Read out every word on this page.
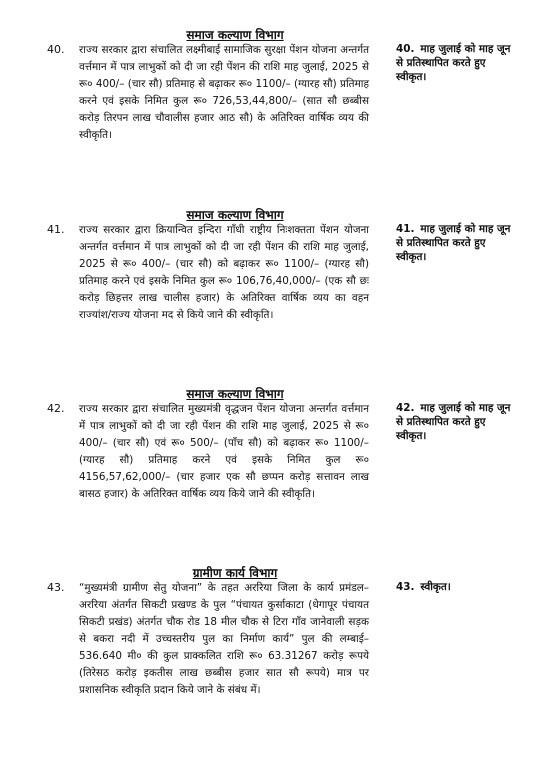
समाज कल्याण विभाग
40. राज्य सरकार द्वारा संचालित लक्ष्मीबाई सामाजिक सुरक्षा पेंशन योजना अन्तर्गत वर्त्तमान में पात्र लाभुकों को दी जा रही पेंशन की राशि माह जुलाई, 2025 से रू० 400/– (चार सौ) प्रतिमाह से बढ़ाकर रू० 1100/– (ग्यारह सौ) प्रतिमाह करने एवं इसके निमित कुल रू० 726,53,44,800/– (सात सौ छब्बीस करोड़ तिरपन लाख चौवालीस हजार आठ सौ) के अतिरिक्त वार्षिक व्यय की स्वीकृति।
40. माह जुलाई को माह जून से प्रतिस्थापित करते हुए स्वीकृत।
समाज कल्याण विभाग
41. राज्य सरकार द्वारा क्रियान्वित इन्दिरा गाँधी राष्ट्रीय निःशक्तता पेंशन योजना अन्तर्गत वर्त्तमान में पात्र लाभुकों को दी जा रही पेंशन की राशि माह जुलाई, 2025 से रू० 400/– (चार सौ) को बढ़ाकर रू० 1100/– (ग्यारह सौ) प्रतिमाह करने एवं इसके निमित कुल रू० 106,76,40,000/– (एक सौ छः करोड़ छिहत्तर लाख चालीस हजार) के अतिरिक्त वार्षिक व्यय का वहन राज्यांश/राज्य योजना मद से किये जाने की स्वीकृति।
41. माह जुलाई को माह जून से प्रतिस्थापित करते हुए स्वीकृत।
समाज कल्याण विभाग
42. राज्य सरकार द्वारा संचालित मुख्यमंत्री वृद्धजन पेंशन योजना अन्तर्गत वर्त्तमान में पात्र लाभुकों को दी जा रही पेंशन की राशि माह जुलाई, 2025 से रू० 400/– (चार सौ) एवं रू० 500/– (पाँच सौ) को बढ़ाकर रू० 1100/– (ग्यारह सौ) प्रतिमाह करने एवं इसके निमित कुल रू० 4156,57,62,000/– (चार हजार एक सौ छप्पन करोड़ सत्तावन लाख बासठ हजार) के अतिरिक्त वार्षिक व्यय किये जाने की स्वीकृति।
42. माह जुलाई को माह जून से प्रतिस्थापित करते हुए स्वीकृत।
ग्रामीण कार्य विभाग
43. “मुख्यमंत्री ग्रामीण सेतु योजना” के तहत अररिया जिला के कार्य प्रमंडल–अररिया अंतर्गत सिकटी प्रखण्ड के पुल “पंचायत कुर्साकाटा (धेगापूर पंचायत सिकटी प्रखंड) अंतर्गत चौक रोड 18 मील चौक से टिरा गाँव जानेवाली सड़क से बकरा नदी में उच्चस्तरीय पुल का निर्माण कार्य” पुल की लम्बाई–536.640 मी० की कुल प्राक्कलित राशि रू० 63.31267 करोड़ रूपये (तिरेसठ करोड़ इकतीस लाख छब्बीस हजार सात सौ रूपये) मात्र पर प्रशासनिक स्वीकृति प्रदान किये जाने के संबंध में।
43. स्वीकृत।
